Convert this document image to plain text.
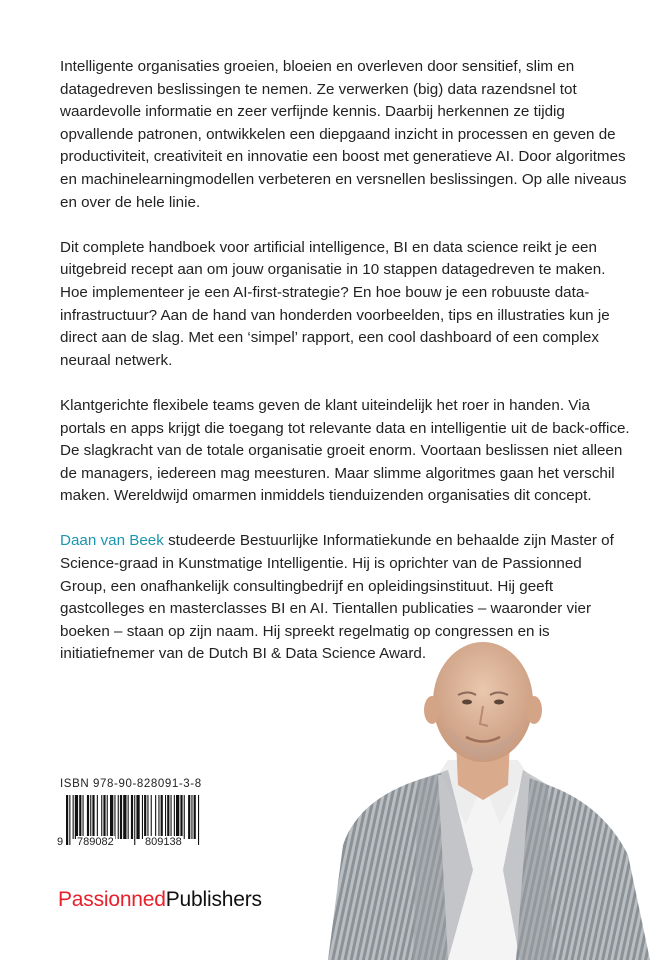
Intelligente organisaties groeien, bloeien en overleven door sensitief, slim en datagedreven beslissingen te nemen. Ze verwerken (big) data razendsnel tot waardevolle informatie en zeer verfijnde kennis. Daarbij herkennen ze tijdig opvallende patronen, ontwikkelen een diepgaand inzicht in processen en geven de productiviteit, creativiteit en innovatie een boost met generatieve AI. Door algoritmes en machinelearningmodellen verbeteren en versnellen beslissingen. Op alle niveaus en over de hele linie.

Dit complete handboek voor artificial intelligence, BI en data science reikt je een uitgebreid recept aan om jouw organisatie in 10 stappen datagedreven te maken. Hoe implementeer je een AI-first-strategie? En hoe bouw je een robuuste data-infrastructuur? Aan de hand van honderden voorbeelden, tips en illustraties kun je direct aan de slag. Met een ‘simpel’ rapport, een cool dashboard of een complex neuraal netwerk.

Klantgerichte flexibele teams geven de klant uiteindelijk het roer in handen. Via portals en apps krijgt die toegang tot relevante data en intelligentie uit de back-office. De slagkracht van de totale organisatie groeit enorm. Voortaan beslissen niet alleen de managers, iedereen mag meesturen. Maar slimme algoritmes gaan het verschil maken. Wereldwijd omarmen inmiddels tienduizenden organisaties dit concept.

Daan van Beek studeerde Bestuurlijke Informatiekunde en behaalde zijn Master of Science-graad in Kunstmatige Intelligentie. Hij is oprichter van de Passionned Group, een onafhankelijk consultingbedrijf en opleidingsinstituut. Hij geeft gastcolleges en masterclasses BI en AI. Tientallen publicaties – waaronder vier boeken – staan op zijn naam. Hij spreekt regelmatig op congressen en is initiatiefnemer van de Dutch BI & Data Science Award.

ISBN 978-90-828091-3-8
9 789082	809138
PassionnedPublishers
